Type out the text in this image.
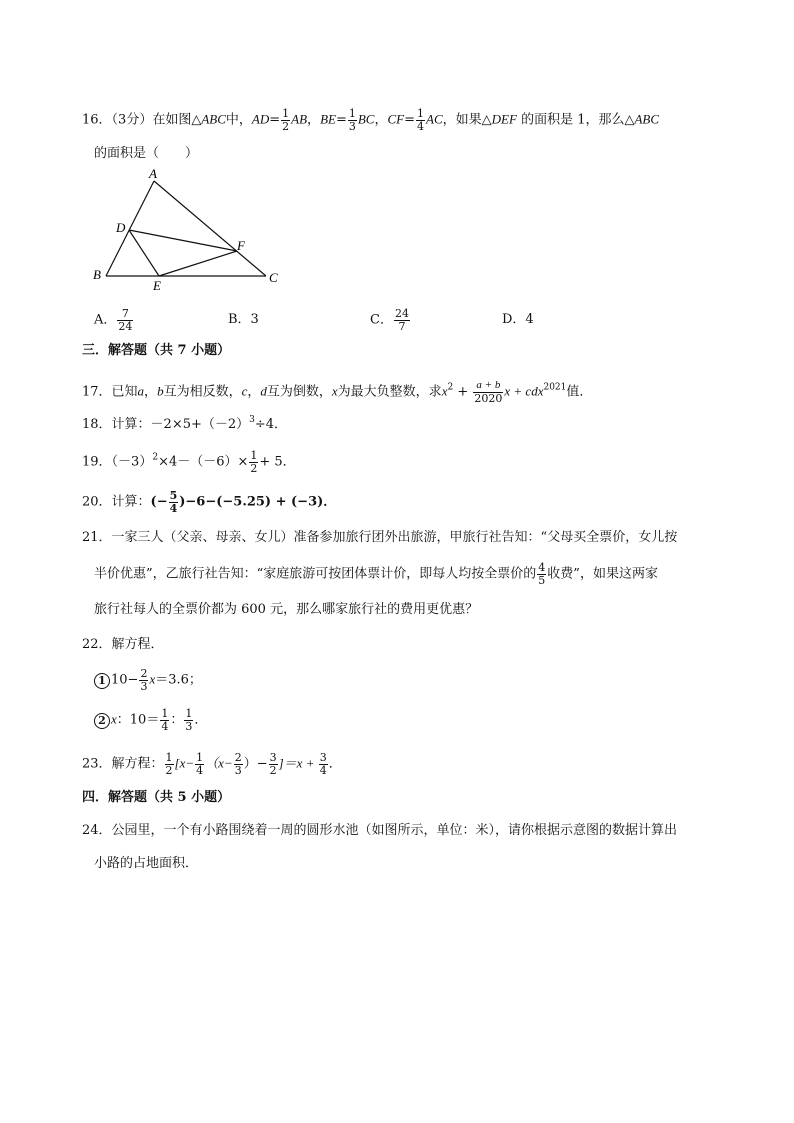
16．（3分）在如图△ABC中，$AD= \frac{1}{2}$ AB，$BE= \frac{1}{3}$ BC，$CF= \frac{1}{4}$ AC，如果△DEF 的面积是 1，那么△ABC
的面积是（　　）
A
D
F
B
E
C
A． $\frac{7}{24}$	B．3	C． $\frac{24}{7}$	D．4
三．解答题（共 7 小题）
17．已知a，b互为相反数，c，d互为倒数，x为最大负整数，求$x^2 + \frac{a + b}{2020}$ x + cdx$^{2021}$值．
18．计算：$-2\times 5+(-2)^3\div 4$．
19．$(-3)^2\times 4-(-6)\times \frac{1}{2} + 5$．
20．计算：(− $\frac{5}{4} )-6-(-5.25) + (-3)$．
21．一家三人（父亲、母亲、女儿）准备参加旅行团外出旅游，甲旅行社告知：“父母买全票价，女儿按
半价优惠”，乙旅行社告知：“家庭旅游可按团体票计价，即每人均按全票价的 $\frac{4}{5}$ 收费”，如果这两家
旅行社每人的全票价都为 600 元，那么哪家旅行社的费用更优惠？
22．解方程．
1 $10- \frac{2}{3} x=3.6$；
2 x：$10= \frac{1}{4}$ ： $\frac{1}{3}$ ．
23．解方程： $\frac{1}{2} [x- \frac{1}{4} (x- \frac{2}{3}$ ）− $\frac{3}{2} ]=x + \frac{3}{4}$ ．
四．解答题（共 5 小题）
24．公园里，一个有小路围绕着一周的圆形水池（如图所示，单位：米），请你根据示意图的数据计算出
小路的占地面积．
